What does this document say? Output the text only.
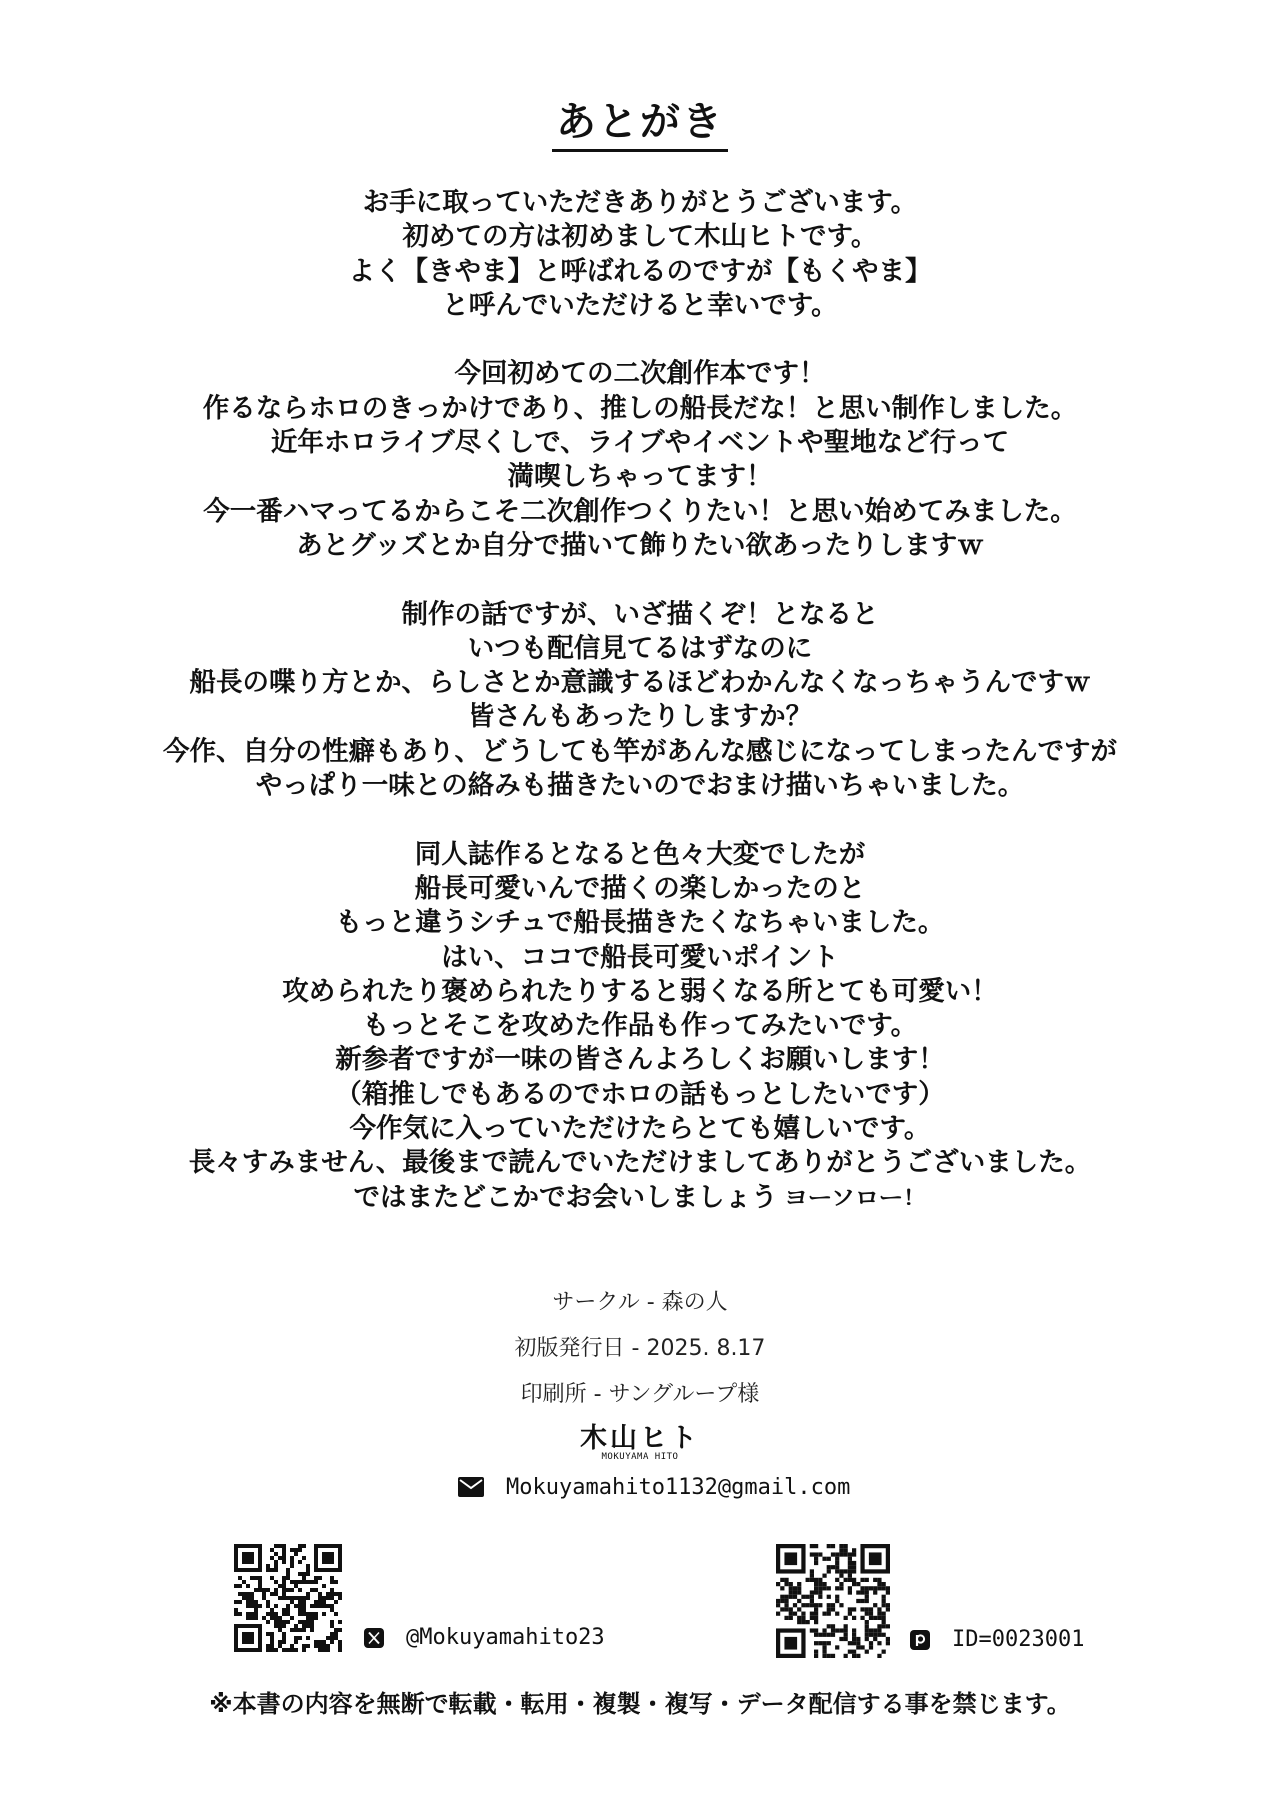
あとがき
お手に取っていただきありがとうございます。
初めての方は初めまして木山ヒトです。
よく【きやま】と呼ばれるのですが【もくやま】
と呼んでいただけると幸いです。
今回初めての二次創作本です！
作るならホロのきっかけであり、推しの船長だな！と思い制作しました。
近年ホロライブ尽くしで、ライブやイベントや聖地など行って
満喫しちゃってます！
今一番ハマってるからこそ二次創作つくりたい！と思い始めてみました。
あとグッズとか自分で描いて飾りたい欲あったりしますｗ
制作の話ですが、いざ描くぞ！となると
いつも配信見てるはずなのに
船長の喋り方とか、らしさとか意識するほどわかんなくなっちゃうんですｗ
皆さんもあったりしますか？
今作、自分の性癖もあり、どうしても竿があんな感じになってしまったんですが
やっぱり一味との絡みも描きたいのでおまけ描いちゃいました。
同人誌作るとなると色々大変でしたが
船長可愛いんで描くの楽しかったのと
もっと違うシチュで船長描きたくなちゃいました。
はい、ココで船長可愛いポイント
攻められたり褒められたりすると弱くなる所とても可愛い！
もっとそこを攻めた作品も作ってみたいです。
新参者ですが一味の皆さんよろしくお願いします！
（箱推しでもあるのでホロの話もっとしたいです）
今作気に入っていただけたらとても嬉しいです。
長々すみません、最後まで読んでいただけましてありがとうございました。
ではまたどこかでお会いしましょう ヨーソロー！
サークル - 森の人
初版発行日 - 2025. 8.17
印刷所 - サングループ様
木山ヒト
MOKUYAMA HITO
Mokuyamahito1132@gmail.com
@Mokuyamahito23	ID=0023001
※本書の内容を無断で転載・転用・複製・複写・データ配信する事を禁じます。
